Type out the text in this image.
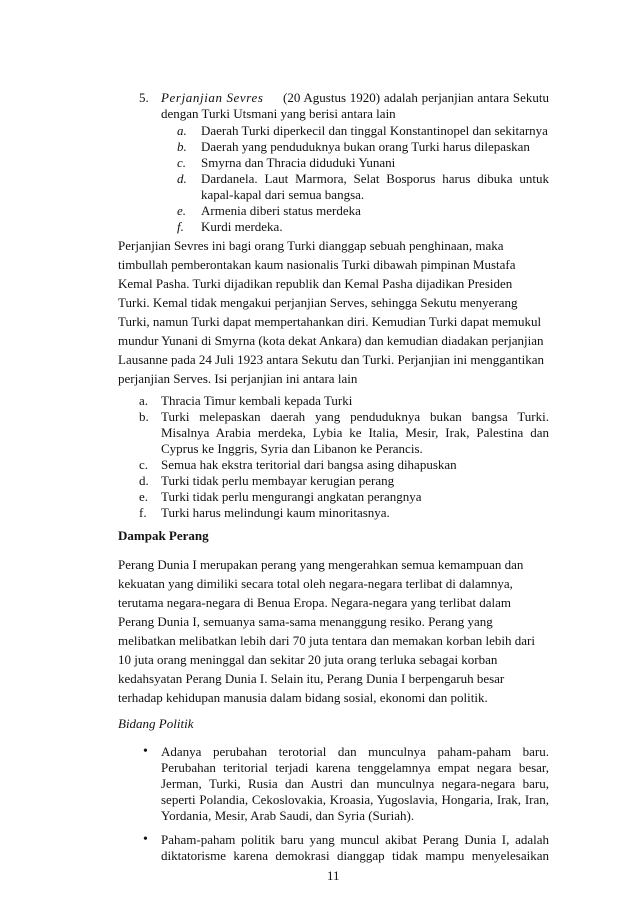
5. Perjanjian Sevres (20 Agustus 1920) adalah perjanjian antara Sekutu
dengan Turki Utsmani yang berisi antara lain
a. Daerah Turki diperkecil dan tinggal Konstantinopel dan sekitarnya
b. Daerah yang penduduknya bukan orang Turki harus dilepaskan
c. Smyrna dan Thracia diduduki Yunani
d. Dardanela. Laut Marmora, Selat Bosporus harus dibuka untuk
kapal-kapal dari semua bangsa.
e. Armenia diberi status merdeka
f. Kurdi merdeka.
Perjanjian Sevres ini bagi orang Turki dianggap sebuah penghinaan, maka
timbullah pemberontakan kaum nasionalis Turki dibawah pimpinan Mustafa
Kemal Pasha. Turki dijadikan republik dan Kemal Pasha dijadikan Presiden
Turki. Kemal tidak mengakui perjanjian Serves, sehingga Sekutu menyerang
Turki, namun Turki dapat mempertahankan diri. Kemudian Turki dapat memukul
mundur Yunani di Smyrna (kota dekat Ankara) dan kemudian diadakan perjanjian
Lausanne pada 24 Juli 1923 antara Sekutu dan Turki. Perjanjian ini menggantikan
perjanjian Serves. Isi perjanjian ini antara lain
a. Thracia Timur kembali kepada Turki
b. Turki melepaskan daerah yang penduduknya bukan bangsa Turki.
Misalnya Arabia merdeka, Lybia ke Italia, Mesir, Irak, Palestina dan
Cyprus ke Inggris, Syria dan Libanon ke Perancis.
c. Semua hak ekstra teritorial dari bangsa asing dihapuskan
d. Turki tidak perlu membayar kerugian perang
e. Turki tidak perlu mengurangi angkatan perangnya
f. Turki harus melindungi kaum minoritasnya.
Dampak Perang
Perang Dunia I merupakan perang yang mengerahkan semua kemampuan dan
kekuatan yang dimiliki secara total oleh negara-negara terlibat di dalamnya,
terutama negara-negara di Benua Eropa. Negara-negara yang terlibat dalam
Perang Dunia I, semuanya sama-sama menanggung resiko. Perang yang
melibatkan melibatkan lebih dari 70 juta tentara dan memakan korban lebih dari
10 juta orang meninggal dan sekitar 20 juta orang terluka sebagai korban
kedahsyatan Perang Dunia I. Selain itu, Perang Dunia I berpengaruh besar
terhadap kehidupan manusia dalam bidang sosial, ekonomi dan politik.
Bidang Politik
• Adanya perubahan terotorial dan munculnya paham-paham baru.
Perubahan teritorial terjadi karena tenggelamnya empat negara besar,
Jerman, Turki, Rusia dan Austri dan munculnya negara-negara baru,
seperti Polandia, Cekoslovakia, Kroasia, Yugoslavia, Hongaria, Irak, Iran,
Yordania, Mesir, Arab Saudi, dan Syria (Suriah).
• Paham-paham politik baru yang muncul akibat Perang Dunia I, adalah
diktatorisme karena demokrasi dianggap tidak mampu menyelesaikan
11
